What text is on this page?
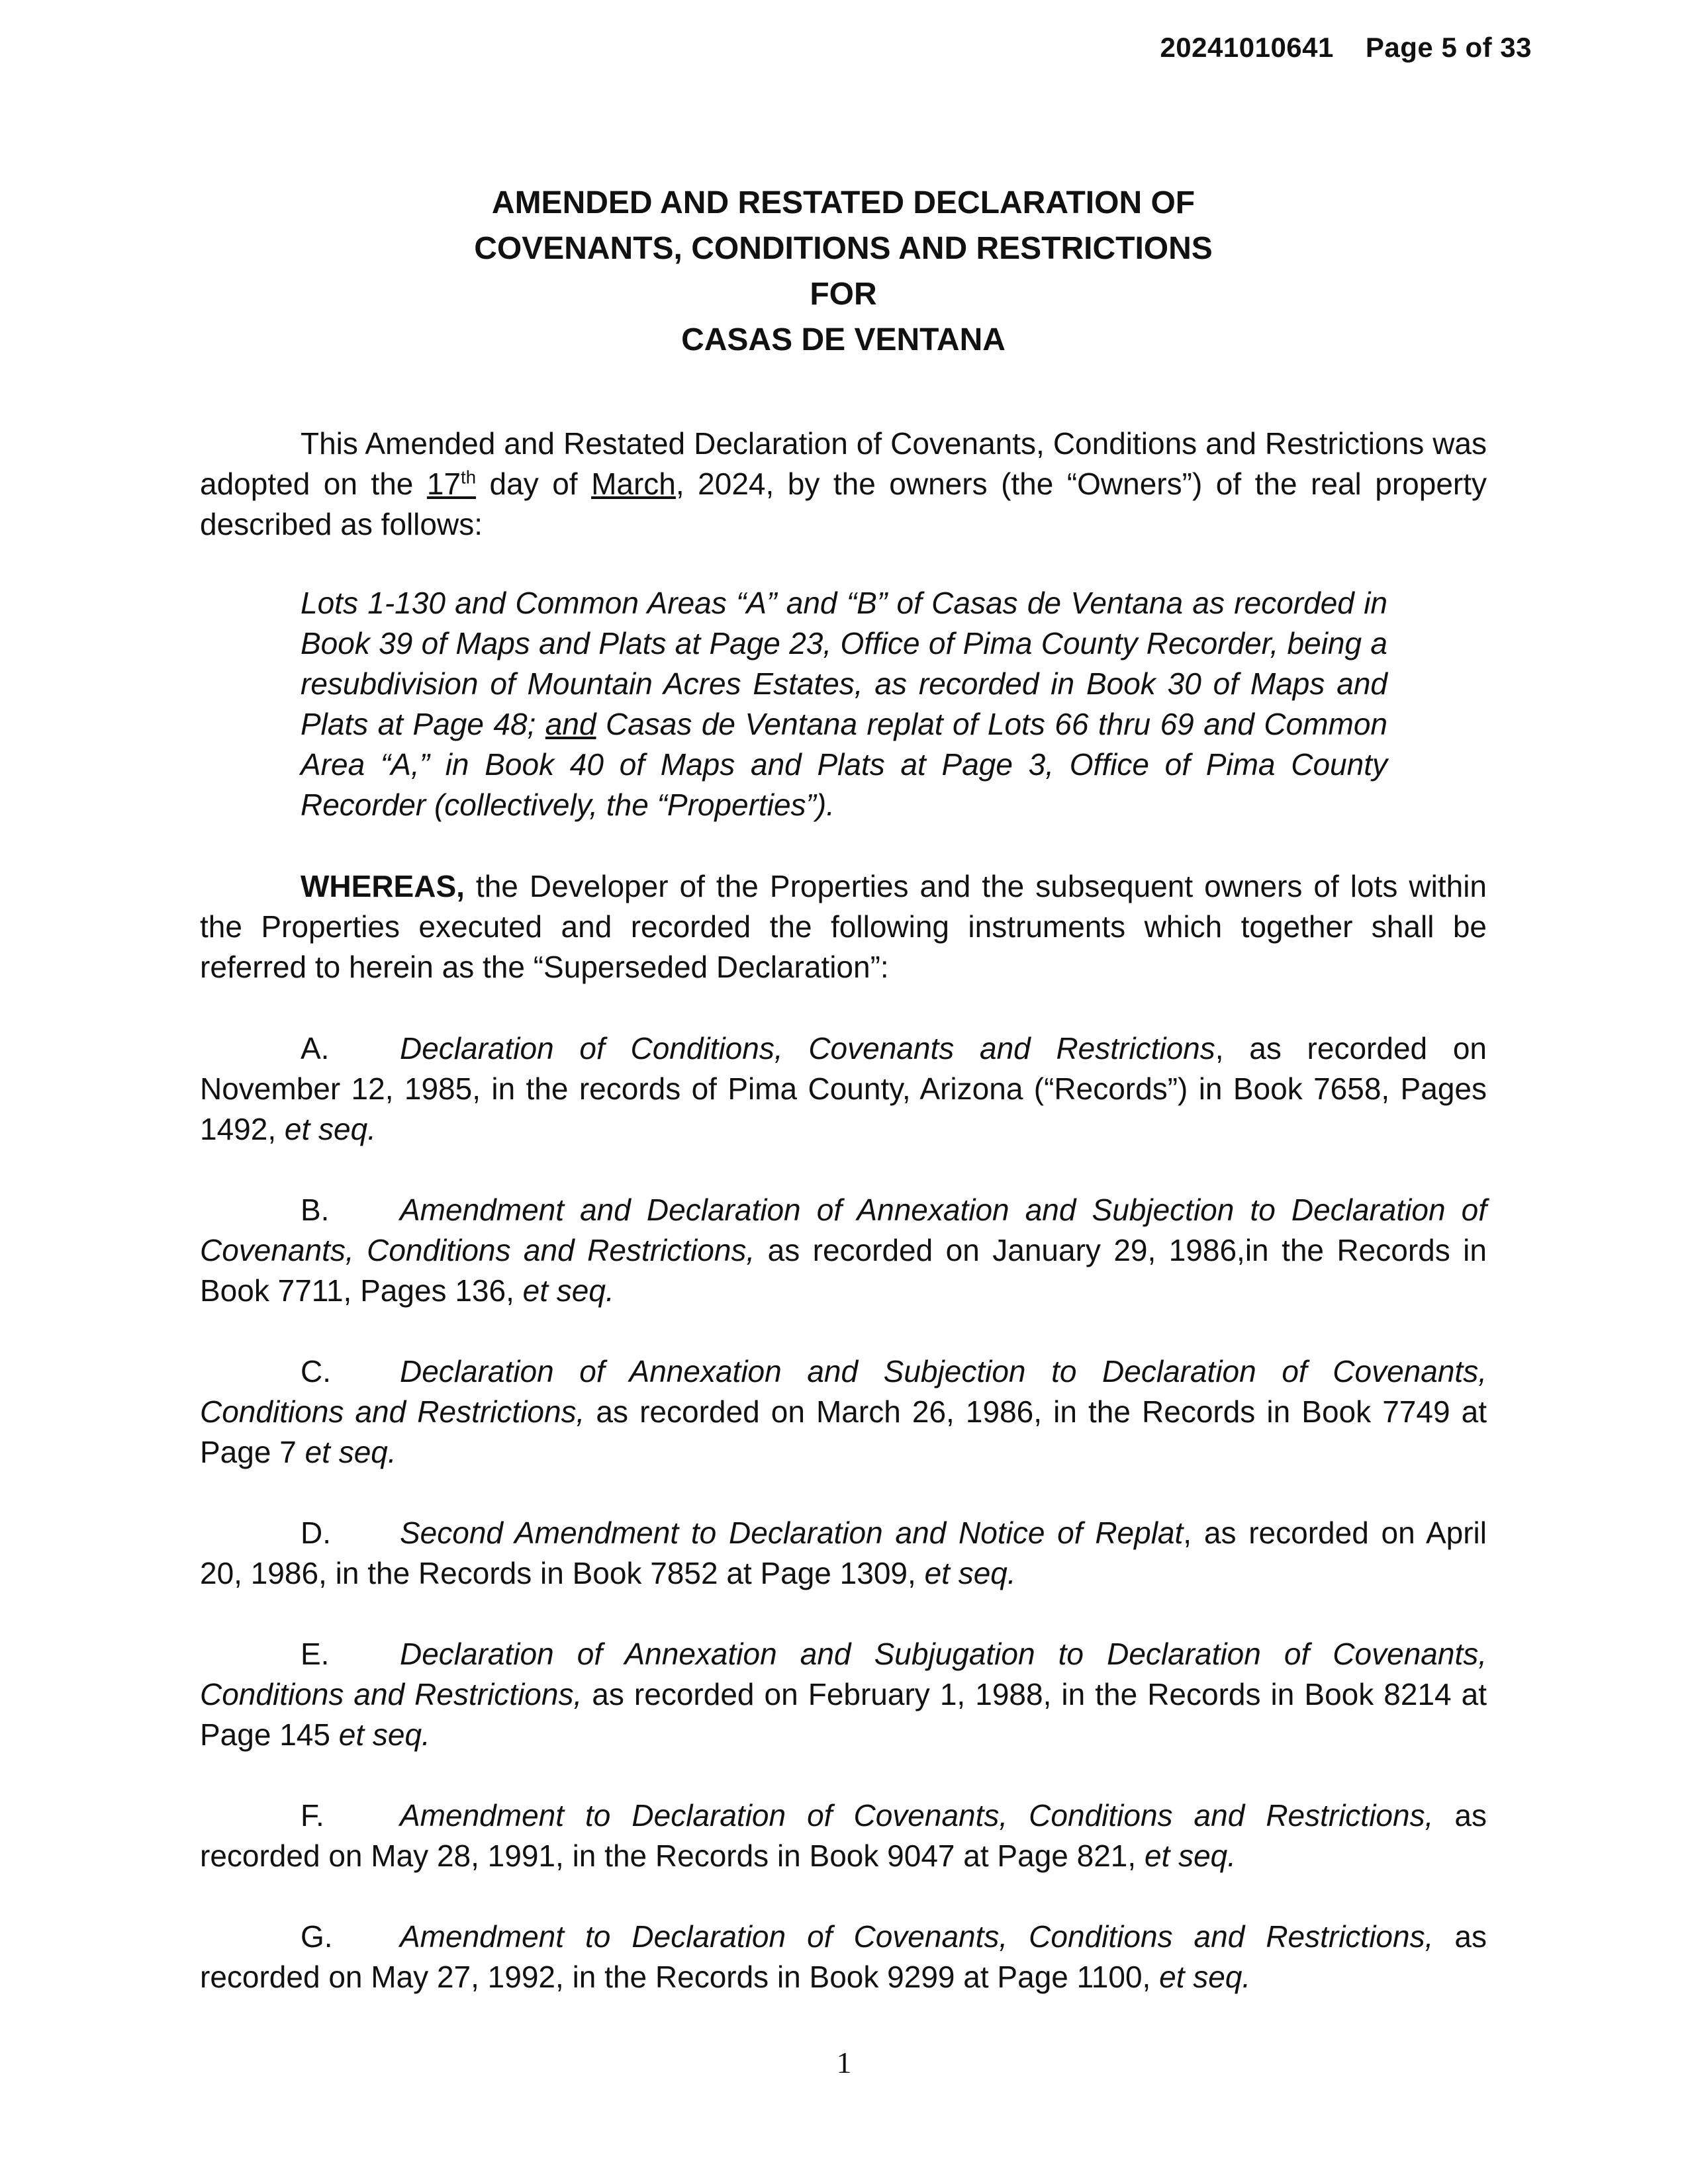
20241010641 Page 5 of 33
AMENDED AND RESTATED DECLARATION OF
COVENANTS, CONDITIONS AND RESTRICTIONS
FOR
CASAS DE VENTANA

This Amended and Restated Declaration of Covenants, Conditions and Restrictions was adopted on the 17th day of March, 2024, by the owners (the “Owners”) of the real property described as follows:

Lots 1-130 and Common Areas “A” and “B” of Casas de Ventana as recorded in Book 39 of Maps and Plats at Page 23, Office of Pima County Recorder, being a resubdivision of Mountain Acres Estates, as recorded in Book 30 of Maps and Plats at Page 48; and Casas de Ventana replat of Lots 66 thru 69 and Common Area “A,” in Book 40 of Maps and Plats at Page 3, Office of Pima County Recorder (collectively, the “Properties”).

WHEREAS, the Developer of the Properties and the subsequent owners of lots within the Properties executed and recorded the following instruments which together shall be referred to herein as the “Superseded Declaration”:

A. Declaration of Conditions, Covenants and Restrictions, as recorded on November 12, 1985, in the records of Pima County, Arizona (“Records”) in Book 7658, Pages 1492, et seq.

B. Amendment and Declaration of Annexation and Subjection to Declaration of Covenants, Conditions and Restrictions, as recorded on January 29, 1986,in the Records in Book 7711, Pages 136, et seq.

C. Declaration of Annexation and Subjection to Declaration of Covenants, Conditions and Restrictions, as recorded on March 26, 1986, in the Records in Book 7749 at Page 7 et seq.

D. Second Amendment to Declaration and Notice of Replat, as recorded on April 20, 1986, in the Records in Book 7852 at Page 1309, et seq.

E. Declaration of Annexation and Subjugation to Declaration of Covenants, Conditions and Restrictions, as recorded on February 1, 1988, in the Records in Book 8214 at Page 145 et seq.

F. Amendment to Declaration of Covenants, Conditions and Restrictions, as recorded on May 28, 1991, in the Records in Book 9047 at Page 821, et seq.

G. Amendment to Declaration of Covenants, Conditions and Restrictions, as recorded on May 27, 1992, in the Records in Book 9299 at Page 1100, et seq.

1
